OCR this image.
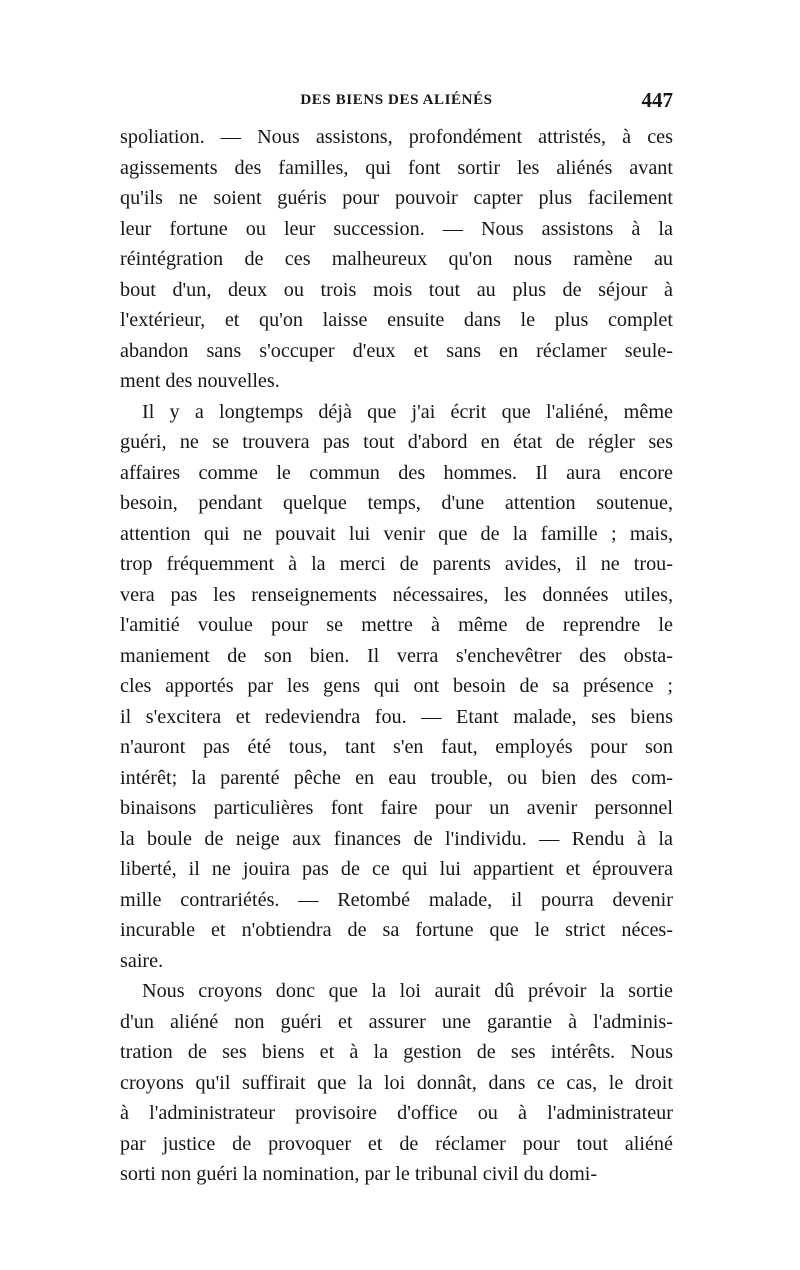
DES BIENS DES ALIÉNÉS	447
spoliation. — Nous assistons, profondément attristés, à ces
agissements des familles, qui font sortir les aliénés avant
qu'ils ne soient guéris pour pouvoir capter plus facilement
leur fortune ou leur succession. — Nous assistons à la
réintégration de ces malheureux qu'on nous ramène au
bout d'un, deux ou trois mois tout au plus de séjour à
l'extérieur, et qu'on laisse ensuite dans le plus complet
abandon sans s'occuper d'eux et sans en réclamer seule-
ment des nouvelles.
Il y a longtemps déjà que j'ai écrit que l'aliéné, même
guéri, ne se trouvera pas tout d'abord en état de régler ses
affaires comme le commun des hommes. Il aura encore
besoin, pendant quelque temps, d'une attention soutenue,
attention qui ne pouvait lui venir que de la famille ; mais,
trop fréquemment à la merci de parents avides, il ne trou-
vera pas les renseignements nécessaires, les données utiles,
l'amitié voulue pour se mettre à même de reprendre le
maniement de son bien. Il verra s'enchevêtrer des obsta-
cles apportés par les gens qui ont besoin de sa présence ;
il s'excitera et redeviendra fou. — Etant malade, ses biens
n'auront pas été tous, tant s'en faut, employés pour son
intérêt; la parenté pêche en eau trouble, ou bien des com-
binaisons particulières font faire pour un avenir personnel
la boule de neige aux finances de l'individu. — Rendu à la
liberté, il ne jouira pas de ce qui lui appartient et éprouvera
mille contrariétés. — Retombé malade, il pourra devenir
incurable et n'obtiendra de sa fortune que le strict néces-
saire.
Nous croyons donc que la loi aurait dû prévoir la sortie
d'un aliéné non guéri et assurer une garantie à l'adminis-
tration de ses biens et à la gestion de ses intérêts. Nous
croyons qu'il suffirait que la loi donnât, dans ce cas, le droit
à l'administrateur provisoire d'office ou à l'administrateur
par justice de provoquer et de réclamer pour tout aliéné
sorti non guéri la nomination, par le tribunal civil du domi-
